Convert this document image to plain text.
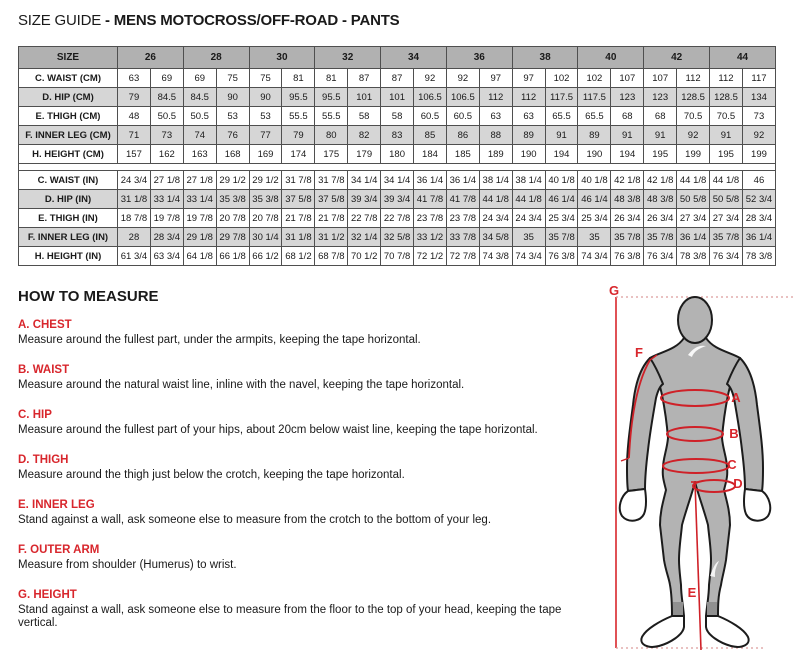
SIZE GUIDE - MENS MOTOCROSS/OFF-ROAD - PANTS
SIZE	26		28		30		32		34		36		38		40		42		44	
C. WAIST (CM)	63	69	69	75	75	81	81	87	87	92	92	97	97	102	102	107	107	112	112	117
D. HIP (CM)	79	84.5	84.5	90	90	95.5	95.5	101	101	106.5	106.5	112	112	117.5	117.5	123	123	128.5	128.5	134
E. THIGH (CM)	48	50.5	50.5	53	53	55.5	55.5	58	58	60.5	60.5	63	63	65.5	65.5	68	68	70.5	70.5	73
F. INNER LEG (CM)	71	73	74	76	77	79	80	82	83	85	86	88	89	91	89	91	91	92	91	92
H. HEIGHT (CM)	157	162	163	168	169	174	175	179	180	184	185	189	190	194	190	194	195	199	195	199

C. WAIST (IN)	24 3/4	27 1/8	27 1/8	29 1/2	29 1/2	31 7/8	31 7/8	34 1/4	34 1/4	36 1/4	36 1/4	38 1/4	38 1/4	40 1/8	40 1/8	42 1/8	42 1/8	44 1/8	44 1/8	46
D. HIP (IN)	31 1/8	33 1/4	33 1/4	35 3/8	35 3/8	37 5/8	37 5/8	39 3/4	39 3/4	41 7/8	41 7/8	44 1/8	44 1/8	46 1/4	46 1/4	48 3/8	48 3/8	50 5/8	50 5/8	52 3/4
E. THIGH (IN)	18 7/8	19 7/8	19 7/8	20 7/8	20 7/8	21 7/8	21 7/8	22 7/8	22 7/8	23 7/8	23 7/8	24 3/4	24 3/4	25 3/4	25 3/4	26 3/4	26 3/4	27 3/4	27 3/4	28 3/4
F. INNER LEG (IN)	28	28 3/4	29 1/8	29 7/8	30 1/4	31 1/8	31 1/2	32 1/4	32 5/8	33 1/2	33 7/8	34 5/8	35	35 7/8	35	35 7/8	35 7/8	36 1/4	35 7/8	36 1/4
H. HEIGHT (IN)	61 3/4	63 3/4	64 1/8	66 1/8	66 1/2	68 1/2	68 7/8	70 1/2	70 7/8	72 1/2	72 7/8	74 3/8	74 3/4	76 3/8	74 3/4	76 3/8	76 3/4	78 3/8	76 3/4	78 3/8
HOW TO MEASURE
A. CHEST

Measure around the fullest part, under the armpits, keeping the tape horizontal.

B. WAIST

Measure around the natural waist line, inline with the navel, keeping the tape horizontal.

C. HIP

Measure around the fullest part of your hips, about 20cm below waist line, keeping the tape horizontal.

D. THIGH

Measure around the thigh just below the crotch, keeping the tape horizontal.

E. INNER LEG

Stand against a wall, ask someone else to measure from the crotch to the bottom of your leg.

F. OUTER ARM

Measure from shoulder (Humerus) to wrist.

G. HEIGHT

Stand against a wall, ask someone else to measure from the floor to the top of your head, keeping the tape vertical.

G
F
A
B
C
D
E
